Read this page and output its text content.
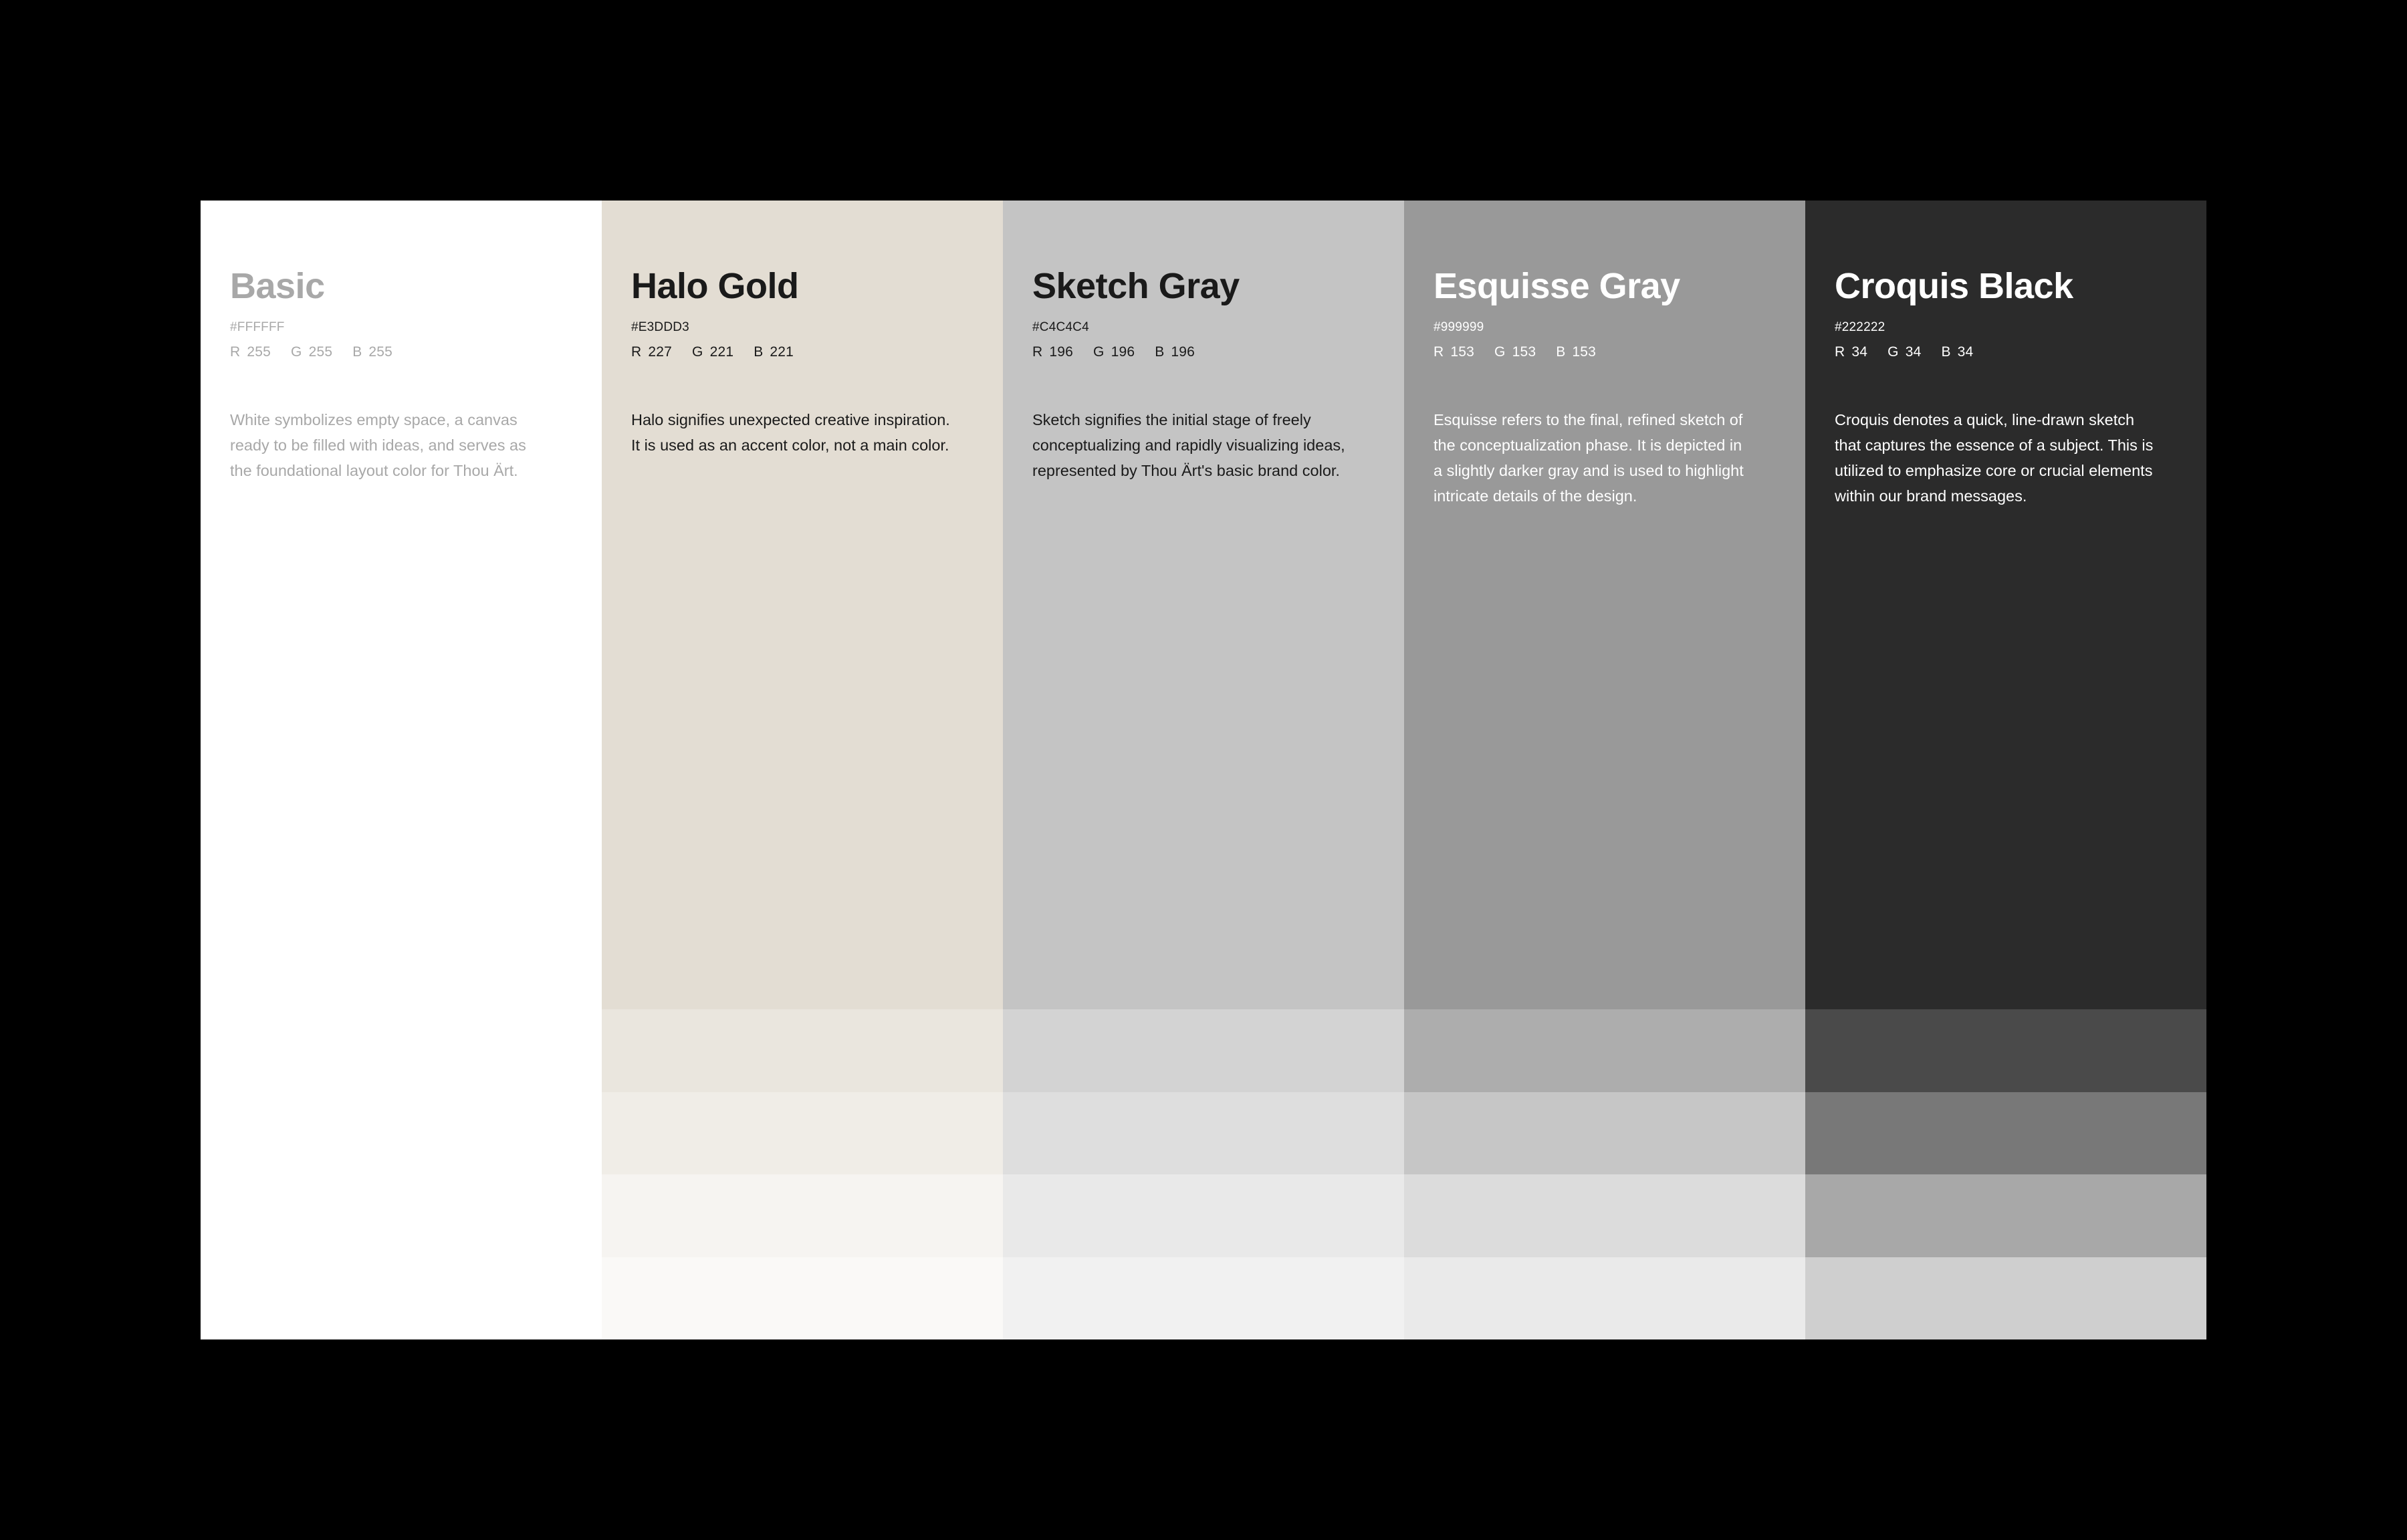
Basic
#FFFFFF
R 255 G 255 B 255

White symbolizes empty space, a canvas ready to be filled with ideas, and serves as the foundational layout color for Thou Ärt.

Halo Gold
#E3DDD3
R 227 G 221 B 221

Halo signifies unexpected creative inspiration. It is used as an accent color, not a main color.

Sketch Gray
#C4C4C4
R 196 G 196 B 196

Sketch signifies the initial stage of freely conceptualizing and rapidly visualizing ideas, represented by Thou Ärt's basic brand color.

Esquisse Gray
#999999
R 153 G 153 B 153

Esquisse refers to the final, refined sketch of the conceptualization phase. It is depicted in a slightly darker gray and is used to highlight intricate details of the design.

Croquis Black
#222222
R 34 G 34 B 34

Croquis denotes a quick, line-drawn sketch that captures the essence of a subject. This is utilized to emphasize core or crucial elements within our brand messages.
